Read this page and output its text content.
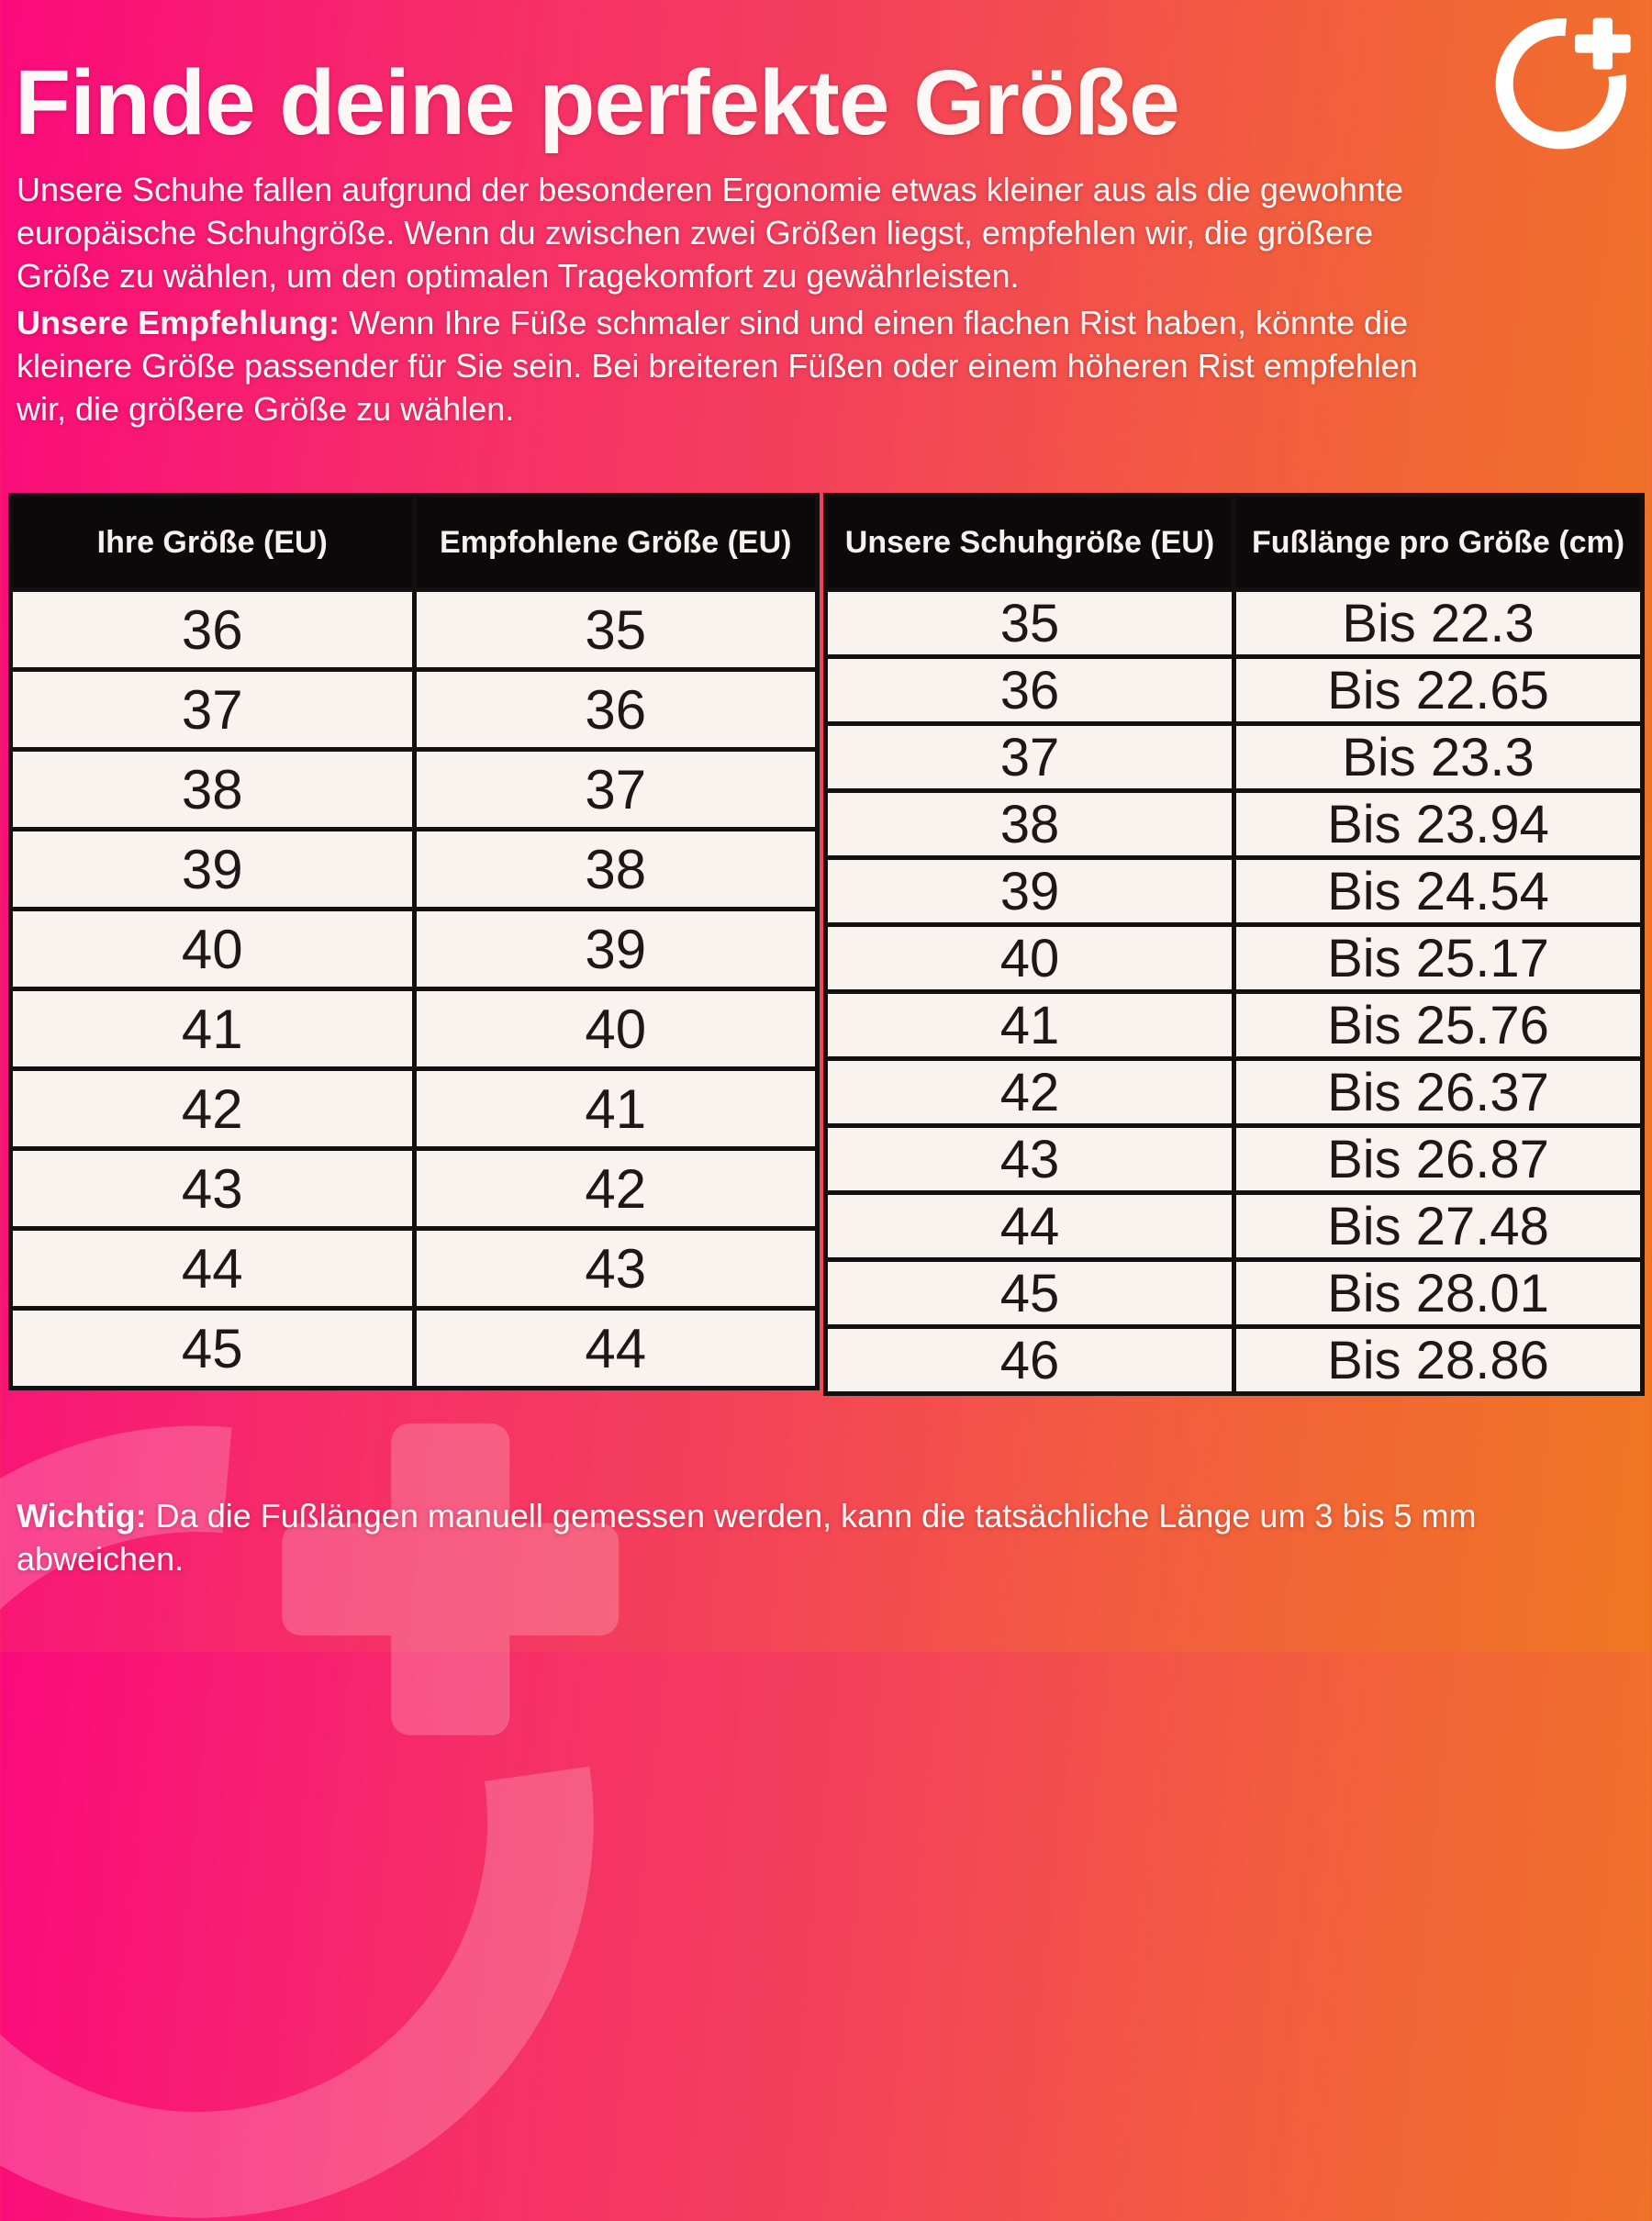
Finde deine perfekte Größe

Unsere Schuhe fallen aufgrund der besonderen Ergonomie etwas kleiner aus als die gewohnte
europäische Schuhgröße. Wenn du zwischen zwei Größen liegst, empfehlen wir, die größere
Größe zu wählen, um den optimalen Tragekomfort zu gewährleisten.

Unsere Empfehlung: Wenn Ihre Füße schmaler sind und einen flachen Rist haben, könnte die
kleinere Größe passender für Sie sein. Bei breiteren Füßen oder einem höheren Rist empfehlen
wir, die größere Größe zu wählen.

Ihre Größe (EU)	Empfohlene Größe (EU)
36	35
37	36
38	37
39	38
40	39
41	40
42	41
43	42
44	43
45	44
Unsere Schuhgröße (EU)	Fußlänge pro Größe (cm)
35	Bis 22.3
36	Bis 22.65
37	Bis 23.3
38	Bis 23.94
39	Bis 24.54
40	Bis 25.17
41	Bis 25.76
42	Bis 26.37
43	Bis 26.87
44	Bis 27.48
45	Bis 28.01
46	Bis 28.86

Wichtig: Da die Fußlängen manuell gemessen werden, kann die tatsächliche Länge um 3 bis 5 mm
abweichen.
